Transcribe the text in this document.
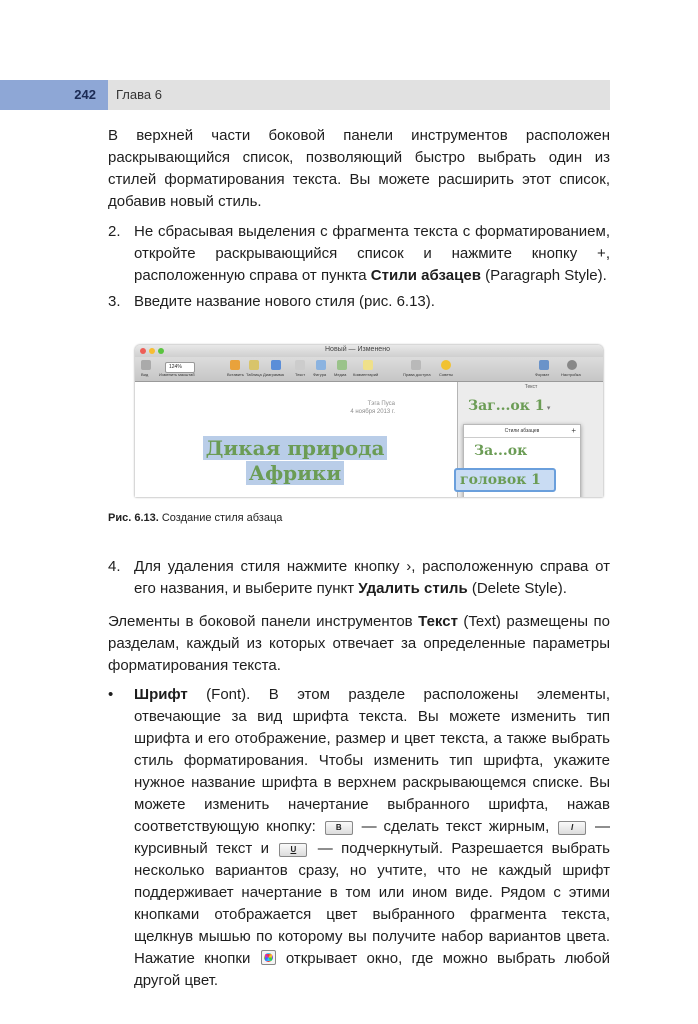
242 Глава 6

В верхней части боковой панели инструментов расположен раскрывающийся список, позволяющий быстро выбрать один из стилей форматирования текста. Вы можете расширить этот список, добавив новый стиль.

2. Не сбрасывая выделения с фрагмента текста с форматированием, откройте раскрывающийся список и нажмите кнопку +, расположенную справа от пункта Стили абзацев (Paragraph Style).
3. Введите название нового стиля (рис. 6.13).
Новый — Изменено
Вид
124%
Изменить масштаб	Вставить Таблица Диаграмма	Текст Фигура Медиа Комментарий	Права доступа Советы	Формат	Настройка
Тэга Пуса
4 ноября 2013 г.
Дикая природа
Африки
Текст
Заг...ок 1 ▾
Стили абзацев	+
За...ок
головок 1
Рис. 6.13. Создание стиля абзаца
4. Для удаления стиля нажмите кнопку ›, расположенную справа от его названия, и выберите пункт Удалить стиль (Delete Style).

Элементы в боковой панели инструментов Текст (Text) размещены по разделам, каждый из которых отвечает за определенные параметры форматирования текста.

• Шрифт (Font). В этом разделе расположены элементы, отвечающие за вид шрифта текста. Вы можете изменить тип шрифта и его отображение, размер и цвет текста, а также выбрать стиль форматирования. Чтобы изменить тип шрифта, укажите нужное название шрифта в верхнем раскрывающемся списке. Вы можете изменить начертание выбранного шрифта, нажав соответствующую кнопку: B — сделать текст жирным, I — курсивный текст и U — подчеркнутый. Разрешается выбрать несколько вариантов сразу, но учтите, что не каждый шрифт поддерживает начертание в том или ином виде. Рядом с этими кнопками отображается цвет выбранного фрагмента текста, щелкнув мышью по которому вы получите набор вариантов цвета. Нажатие кнопки  открывает окно, где можно выбрать любой другой цвет.
